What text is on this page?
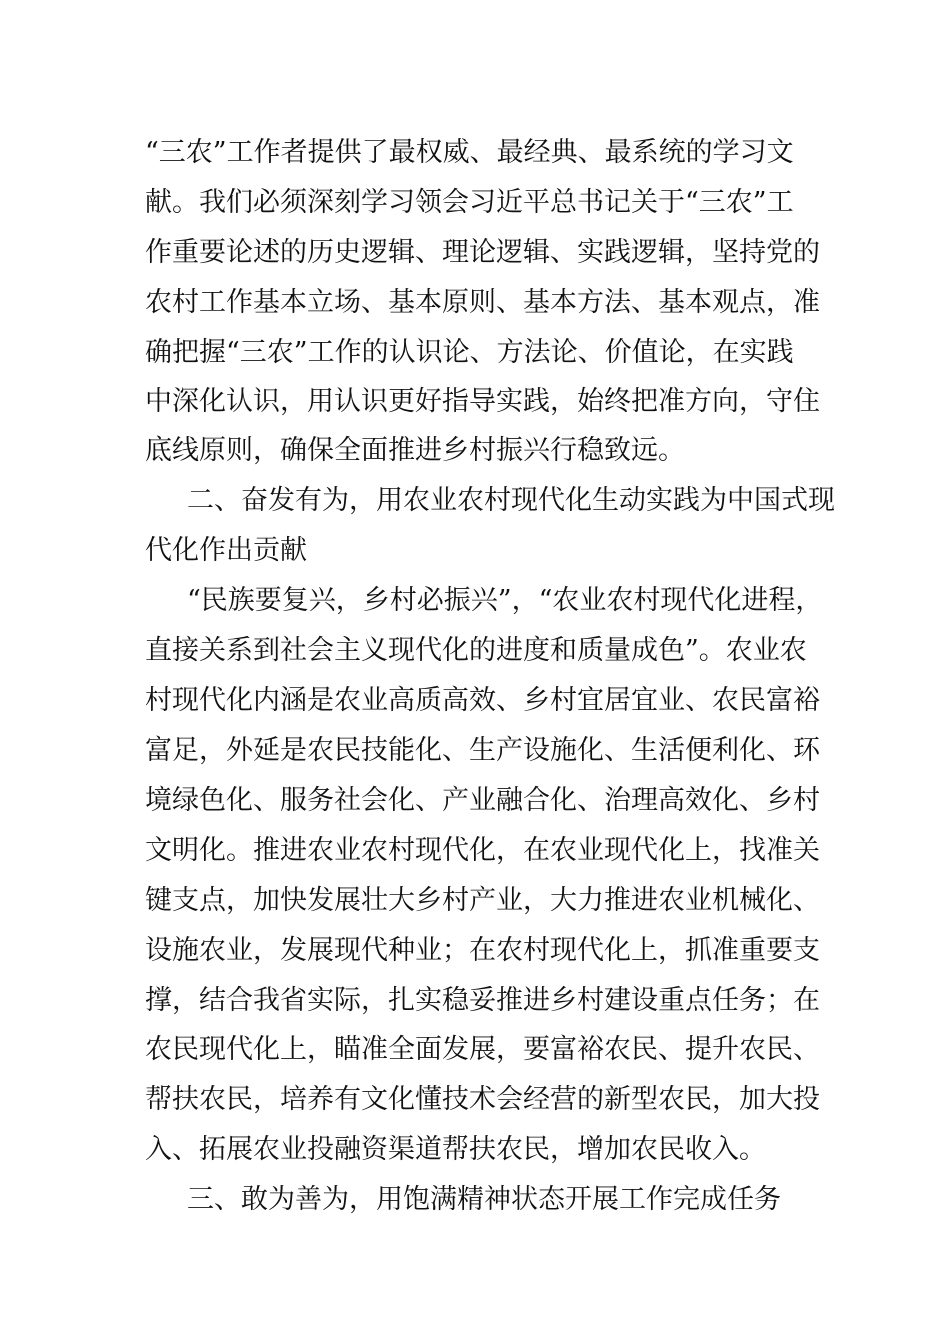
“三农”工作者提供了最权威、最经典、最系统的学习文
献。我们必须深刻学习领会习近平总书记关于“三农”工
作重要论述的历史逻辑、理论逻辑、实践逻辑，坚持党的
农村工作基本立场、基本原则、基本方法、基本观点，准
确把握“三农”工作的认识论、方法论、价值论，在实践
中深化认识，用认识更好指导实践，始终把准方向，守住
底线原则，确保全面推进乡村振兴行稳致远。
二、奋发有为，用农业农村现代化生动实践为中国式现
代化作出贡献
“民族要复兴，乡村必振兴”，“农业农村现代化进程，
直接关系到社会主义现代化的进度和质量成色”。农业农
村现代化内涵是农业高质高效、乡村宜居宜业、农民富裕
富足，外延是农民技能化、生产设施化、生活便利化、环
境绿色化、服务社会化、产业融合化、治理高效化、乡村
文明化。推进农业农村现代化，在农业现代化上，找准关
键支点，加快发展壮大乡村产业，大力推进农业机械化、
设施农业，发展现代种业；在农村现代化上，抓准重要支
撑，结合我省实际，扎实稳妥推进乡村建设重点任务；在
农民现代化上，瞄准全面发展，要富裕农民、提升农民、
帮扶农民，培养有文化懂技术会经营的新型农民，加大投
入、拓展农业投融资渠道帮扶农民，增加农民收入。
三、敢为善为，用饱满精神状态开展工作完成任务
